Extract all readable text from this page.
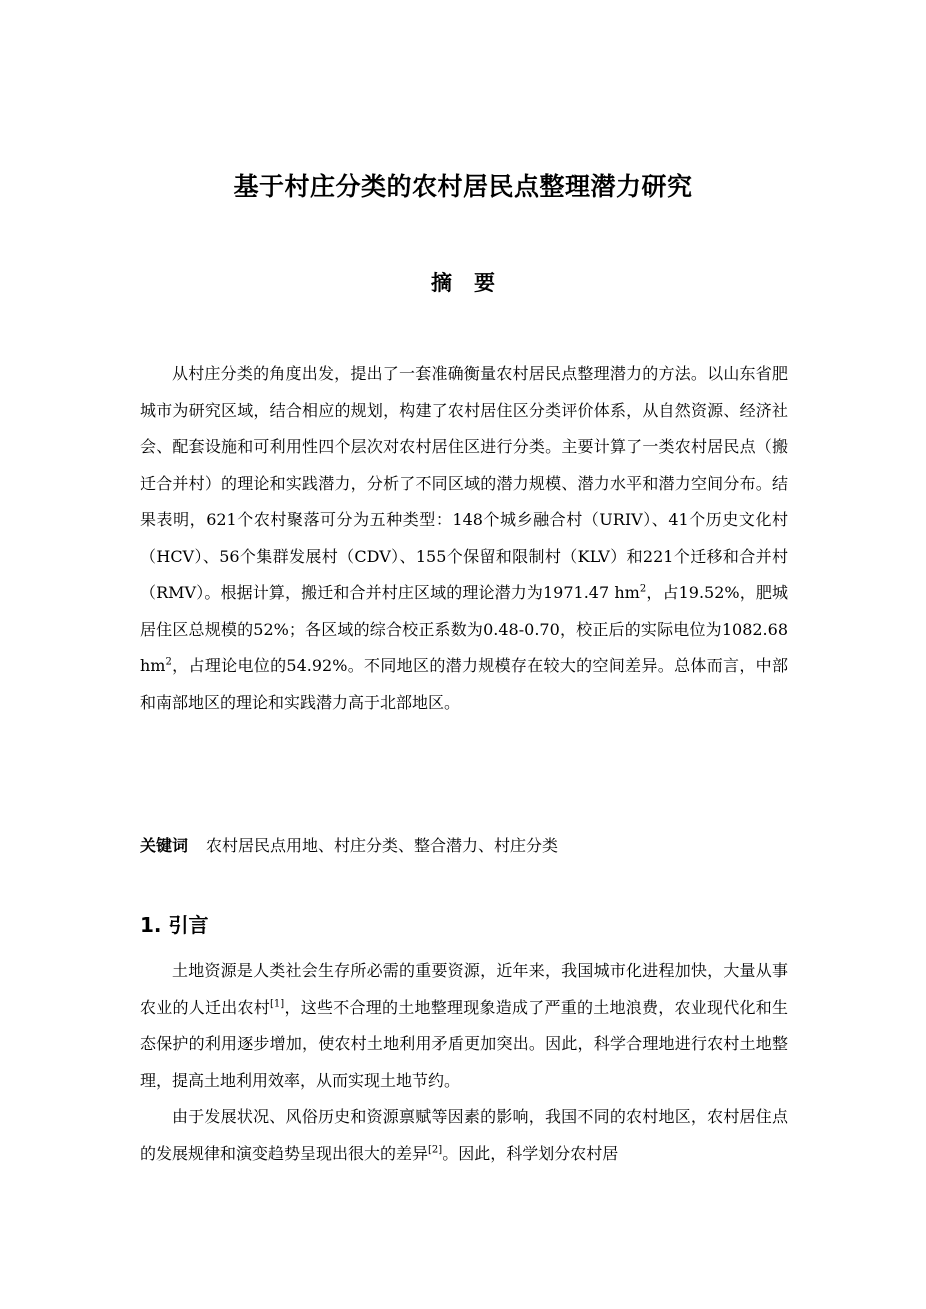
基于村庄分类的农村居民点整理潜力研究
摘要

从村庄分类的角度出发，提出了一套准确衡量农村居民点整理潜力的方法。以山东省肥城市为研究区域，结合相应的规划，构建了农村居住区分类评价体系，从自然资源、经济社会、配套设施和可利用性四个层次对农村居住区进行分类。主要计算了一类农村居民点（搬迁合并村）的理论和实践潜力，分析了不同区域的潜力规模、潜力水平和潜力空间分布。结果表明，621个农村聚落可分为五种类型：148个城乡融合村（URIV）、41个历史文化村（HCV）、56个集群发展村（CDV）、155个保留和限制村（KLV）和221个迁移和合并村（RMV）。根据计算，搬迁和合并村庄区域的理论潜力为1971.47 $hm^2$，占19.52%，肥城居住区总规模的52%；各区域的综合校正系数为0.48-0.70，校正后的实际电位为1082.68 $hm^2$，占理论电位的54.92%。不同地区的潜力规模存在较大的空间差异。总体而言，中部和南部地区的理论和实践潜力高于北部地区。

关键词 农村居民点用地、村庄分类、整合潜力、村庄分类
1. 引言

土地资源是人类社会生存所必需的重要资源，近年来，我国城市化进程加快，大量从事农业的人迁出农村[1]，这些不合理的土地整理现象造成了严重的土地浪费，农业现代化和生态保护的利用逐步增加，使农村土地利用矛盾更加突出。因此，科学合理地进行农村土地整理，提高土地利用效率，从而实现土地节约。

由于发展状况、风俗历史和资源禀赋等因素的影响，我国不同的农村地区，农村居住点的发展规律和演变趋势呈现出很大的差异[2]。因此，科学划分农村居
